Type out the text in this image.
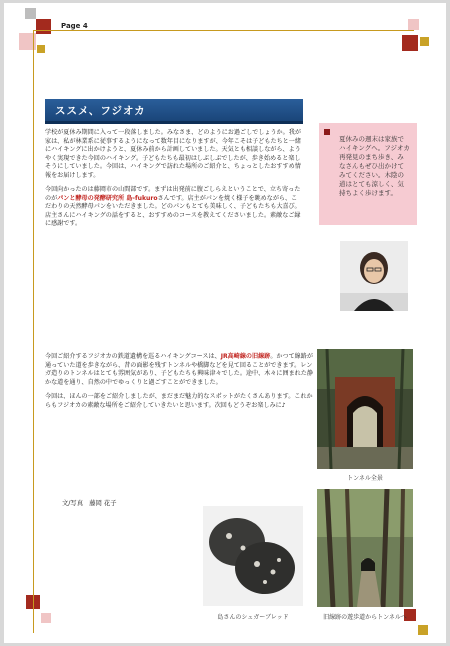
Page 4
ススメ、フジオカ

学校が夏休み期間に入って一段落しました。みなさま、どのようにお過ごしでしょうか。我が家は、私が林業系に従事するようになって数年目になりますが、今年こそは子どもたちと一緒にハイキングに出かけようと、夏休み前から計画していました。天気とも相談しながら、ようやく実現できた今回のハイキング。子どもたちも最初はしぶしぶでしたが、歩き始めると楽しそうにしていました。今回は、ハイキングで訪れた場所のご紹介と、ちょっとしたおすすめ情報をお届けします。

今回向かったのは藤岡市の山間部です。まずは出発前に腹ごしらえということで、立ち寄ったのがパンと酵母の発酵研究所 島-fukuroさんです。店主がパンを焼く様子を眺めながら、こだわりの天然酵母パンをいただきました。どのパンもとても美味しく、子どもたちも大喜び。店主さんにハイキングの話をすると、おすすめのコースを教えてくださいました。素敵なご縁に感謝です。

今回ご紹介するフジオカの鉄道遺構を巡るハイキングコースは、JR高崎線の旧線跡。かつて線路が通っていた道を歩きながら、昔の面影を残すトンネルや橋脚などを見て回ることができます。レンガ造りのトンネルはとても雰囲気があり、子どもたちも興味津々でした。途中、木々に囲まれた静かな道を通り、自然の中でゆっくりと過ごすことができました。

今回は、ほんの一部をご紹介しましたが、まだまだ魅力的なスポットがたくさんあります。これからもフジオカの素敵な場所をご紹介していきたいと思います。次回もどうぞお楽しみに♪

文/写真　藤岡 花子
夏休みの週末は家族でハイキングへ。フジオカ再発見のまち歩き、みなさんもぜひ出かけてみてください。木陰の道はとても涼しく、気持ちよく歩けます。
トンネル全景
島さんのシュガーブレッド	旧線跡の遊歩道からトンネルへ
